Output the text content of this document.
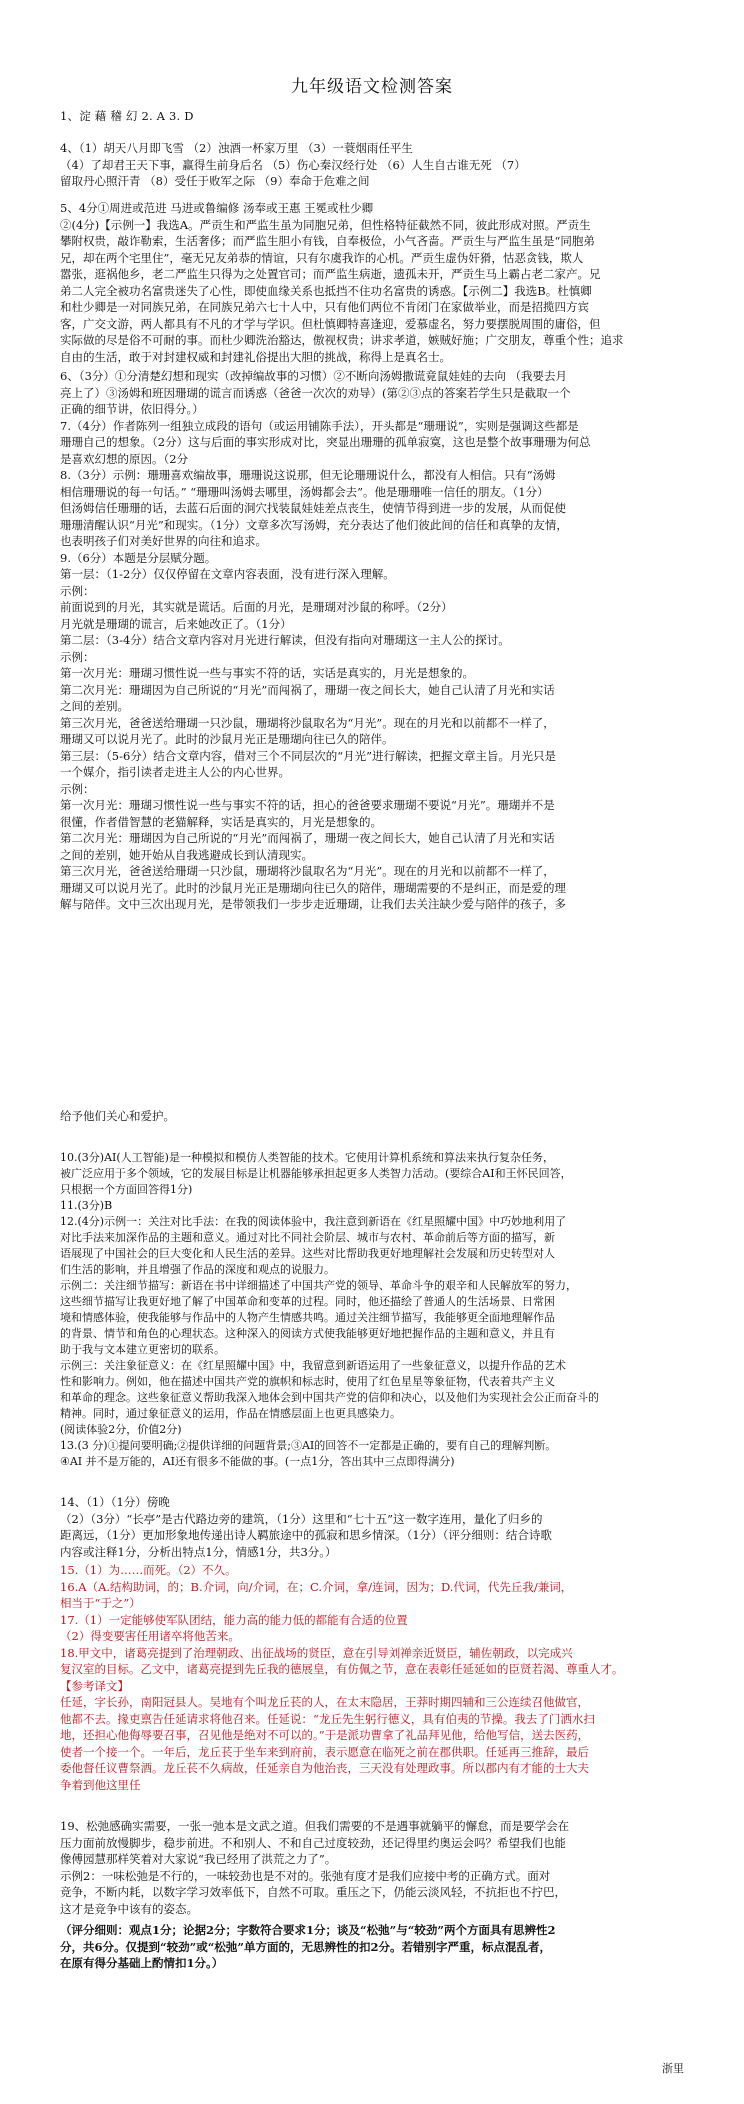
九年级语文检测答案

1、淀 藉 稽 幻 2. A 3. D

4、（1）胡天八月即飞雪 （2）浊酒一杯家万里 （3）一蓑烟雨任平生

（4）了却君王天下事，赢得生前身后名 （5）伤心秦汉经行处 （6）人生自古谁无死 （7）

留取丹心照汗青 （8）受任于败军之际 （9）奉命于危难之间

5、4分①周进或范进 马进或鲁编修 汤奉或王惠 王冕或杜少卿

②(4分)【示例一】我选A。严贡生和严监生虽为同胞兄弟，但性格特征截然不同，彼此形成对照。严贡生

攀附权贵，敲诈勒索，生活奢侈；而严监生胆小有钱，自奉极俭，小气吝啬。严贡生与严监生虽是“同胞弟

兄，却在两个宅里住”，毫无兄友弟恭的情谊，只有尔虞我诈的心机。严贡生虚伪奸猾，怙恶贪钱，欺人

嚣张，逛祸他乡，老二严监生只得为之处置官司；而严监生病逝，遗孤未开，严贡生马上霸占老二家产。兄

弟二人完全被功名富贵迷失了心性，即使血缘关系也抵挡不住功名富贵的诱惑。【示例二】我选B。杜慎卿

和杜少卿是一对同族兄弟，在同族兄弟六七十人中，只有他们两位不肯闭门在家做举业，而是招揽四方宾

客，广交文游，两人都具有不凡的才学与学识。但杜慎卿特喜逢迎，爱慕虚名，努力要摆脱周围的庸俗，但

实际做的尽是俗不可耐的事。而杜少卿洗治豁达，傲视权贵；讲求孝道，嫉贼好施；广交朋友，尊重个性；追求

自由的生活，敢于对封建权威和封建礼俗提出大胆的挑战，称得上是真名士。

6、（3分）①分清楚幻想和现实（改掉编故事的习惯）②不断向汤姆撒谎竟鼠娃娃的去向 （我要去月

亮上了）③汤姆和班因珊瑚的谎言而诱惑（爸爸一次次的劝导）(第②③点的答案若学生只是截取一个

正确的细节讲，依旧得分。）

7.（4分）作者陈列一组独立成段的语句（或运用铺陈手法），开头都是“珊珊说”，实则是强调这些都是

珊珊自己的想象。（2分）这与后面的事实形成对比，突显出珊珊的孤单寂寞，这也是整个故事珊珊为何总

是喜欢幻想的原因。（2分

8.（3分）示例：珊珊喜欢编故事，珊珊说这说那，但无论珊珊说什么，都没有人相信。只有“汤姆

相信珊珊说的每一句话。” “珊珊叫汤姆去哪里，汤姆都会去”。他是珊珊唯一信任的朋友。（1分）

但汤姆信任珊珊的话，去蓝石后面的洞穴找装鼠娃娃差点丧生，使情节得到进一步的发展，从而促使

珊珊清醒认识“月光”和现实。（1分）文章多次写汤姆，充分表达了他们彼此间的信任和真挚的友情，

也表明孩子们对美好世界的向往和追求。

9.（6分）本题是分层赋分题。

第一层：（1-2分）仅仅停留在文章内容表面，没有进行深入理解。

示例：

前面说到的月光，其实就是谎话。后面的月光，是珊瑚对沙鼠的称呼。（2分）

月光就是珊瑚的谎言，后来她改正了。（1分）

第二层：（3-4分）结合文章内容对月光进行解读，但没有指向对珊瑚这一主人公的探讨。

示例：

第一次月光：珊瑚习惯性说一些与事实不符的话，实话是真实的，月光是想象的。

第二次月光：珊瑚因为自己所说的“月光”而闯祸了，珊瑚一夜之间长大，她自己认清了月光和实话

之间的差别。

第三次月光，爸爸送给珊瑚一只沙鼠，珊瑚将沙鼠取名为“月光”。现在的月光和以前都不一样了，

珊瑚又可以说月光了。此时的沙鼠月光正是珊瑚向往已久的陪伴。

第三层：（5-6分）结合文章内容，借对三个不同层次的“月光”进行解读，把握文章主旨。月光只是

一个媒介，指引读者走进主人公的内心世界。

示例：

第一次月光：珊瑚习惯性说一些与事实不符的话，担心的爸爸要求珊瑚不要说“月光”。珊瑚并不是

很懂，作者借智慧的老猫解释，实话是真实的，月光是想象的。

第二次月光：珊瑚因为自己所说的“月光”而闯祸了，珊瑚一夜之间长大，她自己认清了月光和实话

之间的差别，她开始从自我逃避成长到认清现实。

第三次月光，爸爸送给珊瑚一只沙鼠，珊瑚将沙鼠取名为“月光”。现在的月光和以前都不一样了，

珊瑚又可以说月光了。此时的沙鼠月光正是珊瑚向往已久的陪伴，珊瑚需要的不是纠正，而是爱的理

解与陪伴。文中三次出现月光，是带领我们一步步走近珊瑚，让我们去关注缺少爱与陪伴的孩子，多

给予他们关心和爱护。

10.(3分)AI(人工智能)是一种模拟和模仿人类智能的技术。它使用计算机系统和算法来执行复杂任务，

被广泛应用于多个领域，它的发展目标是让机器能够承担起更多人类智力活动。(要综合AI和王怀民回答，

只根据一个方面回答得1分)

11.(3分)B

12.(4分)示例一：关注对比手法：在我的阅读体验中，我注意到新语在《红星照耀中国》中巧妙地利用了

对比手法来加深作品的主题和意义。通过对比不同社会阶层、城市与农村、革命前后等方面的描写，新

语展现了中国社会的巨大变化和人民生活的差异。这些对比帮助我更好地理解社会发展和历史转型对人

们生活的影响，并且增强了作品的深度和观点的说服力。

示例二：关注细节描写：新语在书中详细描述了中国共产党的领导、革命斗争的艰辛和人民解放军的努力，

这些细节描写让我更好地了解了中国革命和变革的过程。同时，他还描绘了普通人的生活场景、日常困

境和情感体验，使我能够与作品中的人物产生情感共鸣。通过关注细节描写，我能够更全面地理解作品

的背景、情节和角色的心理状态。这种深入的阅读方式使我能够更好地把握作品的主题和意义，并且有

助于我与文本建立更密切的联系。

示例三：关注象征意义：在《红星照耀中国》中，我留意到新语运用了一些象征意义，以提升作品的艺术

性和影响力。例如，他在描述中国共产党的旗帜和标志时，使用了红色星星等象征物，代表着共产主义

和革命的理念。这些象征意义帮助我深入地体会到中国共产党的信仰和决心，以及他们为实现社会公正而奋斗的

精神。同时，通过象征意义的运用，作品在情感层面上也更具感染力。

(阅读体验2分，价值2分)

13.(3 分)①提问要明确;②提供详细的问题背景;③AI的回答不一定都是正确的，要有自己的理解判断。

④AI 并不是万能的，AI还有很多不能做的事。(一点1分，答出其中三点即得满分)

14、（1）（1分）傍晚

（2）（3分）“长亭”是古代路边旁的建筑，（1分）这里和“七十五”这一数字连用，量化了归乡的

距离远，（1分）更加形象地传递出诗人羁旅途中的孤寂和思乡情深。（1分）（评分细则：结合诗歌

内容或注释1分，分析出特点1分，情感1分，共3分。）

15.（1）为……而死。（2）不久。

16.A（A.结构助词，的；B.介词，向/介词，在；C.介词，拿/连词，因为；D.代词，代先丘我/兼词，

相当于“于之”）

17.（1）一定能够使军队团结，能力高的能力低的都能有合适的位置

（2）得变要害任用诸卒将他苦来。

18.甲文中，诸葛亮提到了治理朝政、出征战场的贤臣，意在引导刘禅亲近贤臣，辅佐朝政，以完成兴

复汉室的目标。乙文中，诸葛亮提到先丘我的德展皇，有仿佩之节，意在表彰任延延如的臣贤若渴、尊重人才。

【参考译文】

任延，字长孙，南阳冠县人。吴地有个叫龙丘苌的人，在太末隐居，王莽时期四辅和三公连续召他做官，

他都不去。掾吏禀告任延请求将他召来。任延说：“龙丘先生躬行德义，具有伯夷的节操。我去了门洒水扫

地，还担心他侮辱要召事，召见他是绝对不可以的。”于是派功曹拿了礼品拜见他，给他写信，送去医药，

使者一个接一个。一年后，龙丘苌于坐车来到府前，表示愿意在临死之前在郡供职。任延再三推辞，最后

委他督任议曹祭酒。龙丘苌不久病故，任延亲自为他治丧，三天没有处理政事。所以郡内有才能的士大夫

争着到他这里任

19、松弛感确实需要，一张一弛本是文武之道。但我们需要的不是遇事就躺平的懈怠，而是要学会在

压力面前放慢脚步，稳步前进。不和别人、不和自己过度较劲，还记得里约奥运会吗？希望我们也能

像傅园慧那样笑着对大家说“我已经用了洪荒之力了”。

示例2：一味松弛是不行的，一味较劲也是不对的。张弛有度才是我们应接中考的正确方式。面对

竞争，不断内耗，以数字学习效率低下，自然不可取。重压之下，仍能云淡风轻，不抗拒也不拧巴，

这才是竞争中该有的姿态。

（评分细则：观点1分；论据2分；字数符合要求1分；谈及“松弛”与“较劲”两个方面具有思辨性2

分，共6分。仅提到“较劲”或“松弛”单方面的，无思辨性的扣2分。若错别字严重，标点混乱者，

在原有得分基础上酌情扣1分。）

浙里
